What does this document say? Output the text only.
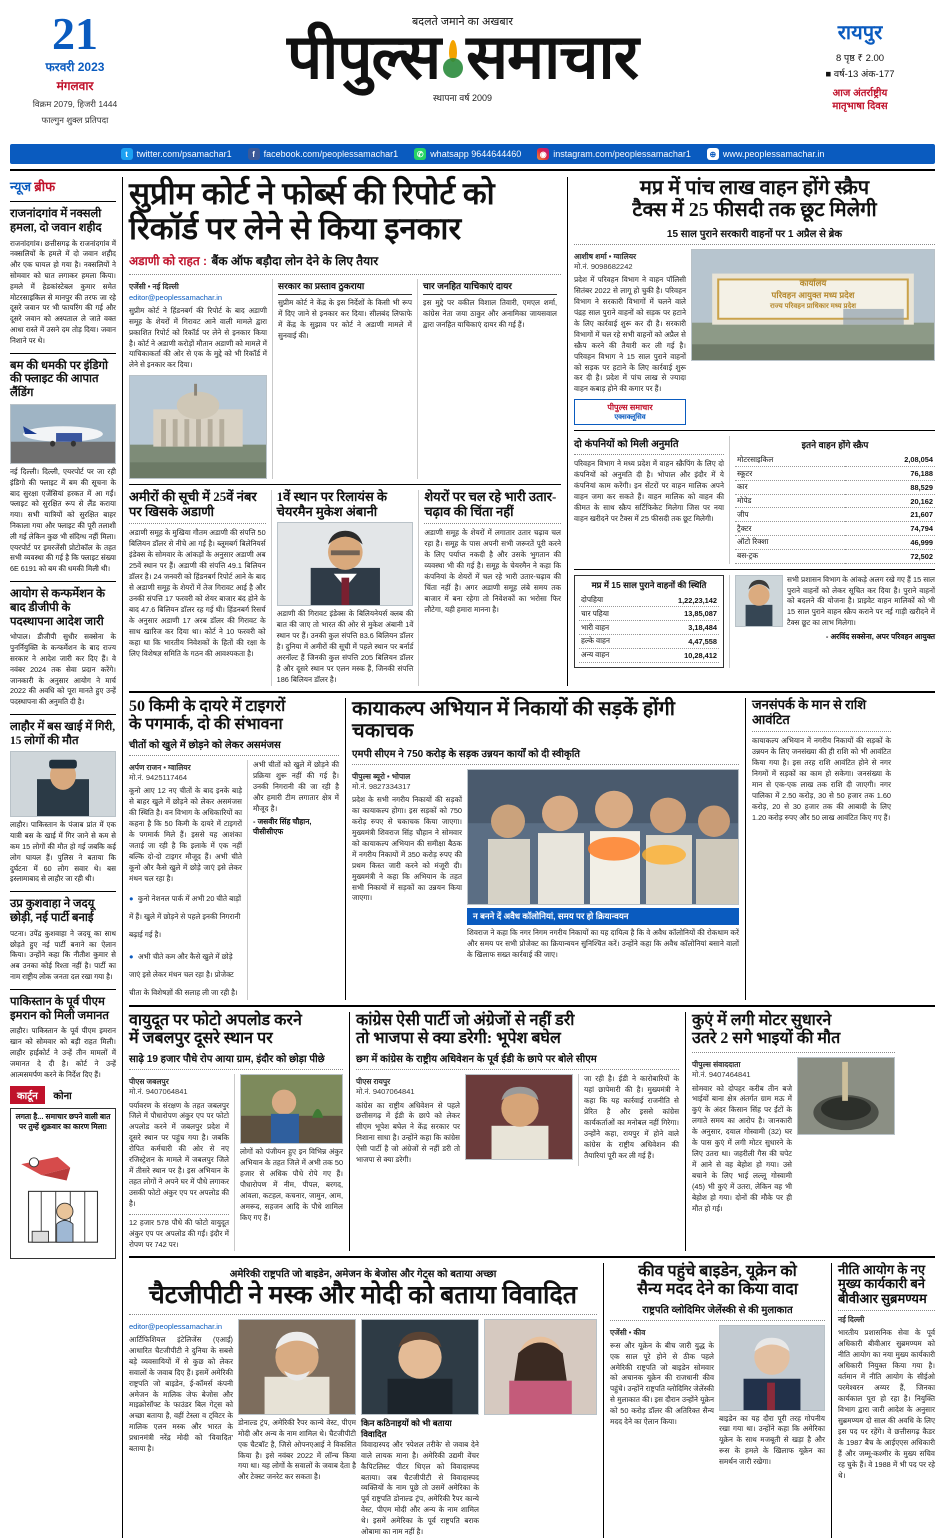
21
फरवरी 2023
मंगलवार
विक्रम 2079, हिजरी 1444
फाल्गुन शुक्ल प्रतिपदा
बदलते जमाने का अखबार
पीपुल्स समाचार
स्थापना वर्ष 2009
रायपुर
8 पृष्ठ ₹ 2.00
■ वर्ष-13 अंक-177
आज अंतर्राष्ट्रीय
मातृभाषा दिवस
t twitter.com/psamachar1	f facebook.com/peoplessamachar1	✆ whatsapp 9644644460	◉ instagram.com/peoplessamachar1	⊕ www.peoplessamachar.in
न्यूज ब्रीफ
राजनांदगांव में नक्सली हमला, दो जवान शहीद
राजनांदगांव। छत्तीसगढ़ के राजनांदगांव में नक्सलियों के हमले में दो जवान शहीद और एक घायल हो गया है। नक्सलियों ने सोमवार को घात लगाकर हमला किया। हमले में हेडकांस्टेबल कुमार समेत मोटरसाइकिल से मानपुर की तरफ जा रहे दूसरे जवान पर भी फायरिंग की गई और दूसरे जवान को अस्पताल ले जाते वक्त आधा रास्ते में उसने दम तोड़ दिया। जवान निशाने पर थे।
बम की धमकी पर इंडिगो की फ्लाइट की आपात लैंडिंग
नई दिल्ली। दिल्ली, एयरपोर्ट पर जा रही इंडिगो की फ्लाइट में बम की सूचना के बाद सुरक्षा एजेंसियां हरकत में आ गईं। फ्लाइट को सुरक्षित रूप से लैंड कराया गया। सभी यात्रियों को सुरक्षित बाहर निकाला गया और फ्लाइट की पूरी तलाशी ली गई लेकिन कुछ भी संदिग्ध नहीं मिला। एयरपोर्ट पर इमरजेंसी प्रोटोकॉल के तहत सभी व्यवस्था की गई है कि फ्लाइट संख्या 6E 6191 को बम की धमकी मिली थी।
आयोग से कन्फर्मेशन के बाद डीजीपी के पदस्थापना आदेश जारी
भोपाल। डीजीपी सुधीर सक्सेना के पुनर्नियुक्ति के कन्फर्मेशन के बाद राज्य सरकार ने आदेश जारी कर दिए हैं। वे नवंबर 2024 तक सेवा प्रदान करेंगे। जानकारी के अनुसार आयोग ने मार्च 2022 की अवधि को पूरा मानते हुए उन्हें पदस्थापना की अनुमति दी है।
लाहौर में बस खाई में गिरी, 15 लोगों की मौत
लाहौर। पाकिस्तान के पंजाब प्रांत में एक यात्री बस के खाई में गिर जाने से कम से कम 15 लोगों की मौत हो गई जबकि कई लोग घायल हैं। पुलिस ने बताया कि दुर्घटना में 60 लोग सवार थे। बस इस्लामाबाद से लाहौर जा रही थी।
उप्र कुशवाहा ने जदयू छोड़ी, नई पार्टी बनाई
पटना। उपेंद्र कुशवाहा ने जदयू का साथ छोड़ते हुए नई पार्टी बनाने का ऐलान किया। उन्होंने कहा कि नीतीश कुमार से अब उनका कोई रिश्ता नहीं है। पार्टी का नाम राष्ट्रीय लोक जनता दल रखा गया है।
पाकिस्तान के पूर्व पीएम इमरान को मिली जमानत
लाहौर। पाकिस्तान के पूर्व पीएम इमरान खान को सोमवार को बड़ी राहत मिली। लाहौर हाईकोर्ट ने उन्हें तीन मामलों में जमानत दे दी है। कोर्ट ने उन्हें आत्मसमर्पण करने के निर्देश दिए हैं।
कार्टून कोना
लगता है... समाचार छपने वाली बात पर तुम्हें शुक्रवार का कारण मिला!
सुप्रीम कोर्ट ने फोर्ब्स की रिपोर्ट को
रिकॉर्ड पर लेने से किया इनकार
अडाणी को राहत : बैंक ऑफ बड़ौदा लोन देने के लिए तैयार
एजेंसी • नई दिल्ली
editor@peoplessamachar.in
सुप्रीम कोर्ट ने हिंडनबर्ग की रिपोर्ट के बाद अडाणी समूह के शेयरों में गिरावट आने वाली मामले द्वारा प्रकाशित रिपोर्ट को रिकॉर्ड पर लेने से इनकार किया है। कोर्ट ने अडाणी करोड़ों मौतान अडाणी को मामले में याचिकाकर्ता की ओर से एक के मुद्दे को भी रिकॉर्ड में लेने से इनकार कर दिया।
सरकार का प्रस्ताव ठुकराया
सुप्रीम कोर्ट ने केंद्र के इस निर्देशों के किसी भी रूप में दिए जाने से इनकार कर दिया। सीलबंद लिफाफे में केंद्र के सुझाव पर कोर्ट ने अडाणी मामले में सुनवाई की।
चार जनहित याचिकाएं दायर
इस मुद्दे पर वकील विशाल तिवारी, एमएल शर्मा, कांग्रेस नेता जया ठाकुर और अनामिका जायसवाल द्वारा जनहित याचिकाएं दायर की गई हैं।
अमीरों की सूची में 25वें नंबर पर खिसके अडाणी
अडाणी समूह के मुखिया गौतम अडाणी की संपत्ति 50 बिलियन डॉलर से नीचे आ गई है। ब्लूमबर्ग बिलेनियर्स इंडेक्स के सोमवार के आंकड़ों के अनुसार अडाणी अब 25वें स्थान पर हैं। अडाणी की संपत्ति 49.1 बिलियन डॉलर है। 24 जनवरी को हिंडनबर्ग रिपोर्ट आने के बाद से अडाणी समूह के शेयरों में तेज गिरावट आई है और उनकी संपत्ति 17 फरवरी को शेयर बाजार बंद होने के बाद 47.6 बिलियन डॉलर रह गई थी। हिंडनबर्ग रिसर्च के अनुसार अडाणी 17 अरब डॉलर की गिरावट के साथ खारिज कर दिया था। कोर्ट ने 10 फरवरी को कहा था कि भारतीय निवेशकों के हितों की रक्षा के लिए विशेषज्ञ समिति के गठन की आवश्यकता है।
1वें स्थान पर रिलायंस के चेयरमैन मुकेश अंबानी
अडाणी की गिरावट इंडेक्स के बिलियनेयर्स क्लब की बात की जाए तो भारत की ओर से मुकेश अंबानी 1वें स्थान पर हैं। उनकी कुल संपत्ति 83.6 बिलियन डॉलर है। दुनिया में अमीरों की सूची में पहले स्थान पर बर्नार्ड अरनॉल्ट हैं जिनकी कुल संपत्ति 205 बिलियन डॉलर है और दूसरे स्थान पर एलन मस्क हैं, जिनकी संपत्ति 186 बिलियन डॉलर है।
शेयरों पर चल रहे भारी उतार-चढ़ाव की चिंता नहीं
अडाणी समूह के शेयरों में लगातार उतार चढ़ाव चल रहा है। समूह के पास अपनी सभी जरूरतें पूरी करने के लिए पर्याप्त नकदी है और उसके भुगतान की व्यवस्था भी की गई है। समूह के चेयरमैन ने कहा कि कंपनियां के शेयरों में चल रहे भारी उतार-चढ़ाव की चिंता नहीं है। अगर अडाणी समूह लंबे समय तक बाजार में बना रहेगा तो निवेशकों का भरोसा फिर लौटेगा, यही हमारा मानना है।
मप्र में पांच लाख वाहन होंगे स्क्रैप
टैक्स में 25 फीसदी तक छूट मिलेगी
15 साल पुराने सरकारी वाहनों पर 1 अप्रैल से ब्रेक
आशीष शर्मा • ग्वालियर
मो.नं. 9098682242
प्रदेश में परिवहन विभाग ने वाहन पॉलिसी सितंबर 2022 से लागू हो चुकी है। परिवहन विभाग ने सरकारी विभागों में चलने वाले पंद्रह साल पुराने वाहनों को सड़क पर हटाने के लिए कार्रवाई शुरू कर दी है। सरकारी विभागों में चल रहे सभी वाहनों को अप्रैल से स्क्रैप करने की तैयारी कर ली गई है। परिवहन विभाग ने 15 साल पुराने वाहनों को सड़क पर हटाने के लिए कार्रवाई शुरू कर दी है। प्रदेश में पांच लाख से ज्यादा वाहन कबाड़ होने की कगार पर हैं।
पीपुल्स समाचार
एक्सक्लूसिव
कार्यालय
परिवहन आयुक्त मध्य प्रदेश
राज्य परिवहन प्राधिकार मध्य प्रदेश
दो कंपनियों को मिली अनुमति
परिवहन विभाग ने मध्य प्रदेश में वाहन स्क्रैपिंग के लिए दो कंपनियों को अनुमति दी है। भोपाल और इंदौर में ये कंपनियां काम करेंगी। इन सेंटरों पर वाहन मालिक अपने वाहन जमा कर सकते हैं। वाहन मालिक को वाहन की कीमत के साथ स्क्रैप सर्टिफिकेट मिलेगा जिस पर नया वाहन खरीदने पर टैक्स में 25 फीसदी तक छूट मिलेगी।
इतने वाहन होंगे स्क्रैप
मोटरसाइकिल	2,08,054
स्कूटर	76,188
कार	88,529
मोपेड	20,162
जीप	21,607
ट्रैक्टर	74,794
ऑटो रिक्शा	46,999
बस-ट्रक	72,502
मप्र में 15 साल पुराने वाहनों की स्थिति
दोपहिया	1,22,23,142
चार पहिया	13,85,087
भारी वाहन	3,18,484
हल्के वाहन	4,47,558
अन्य वाहन	10,28,412
सभी प्रशासन विभाग के आंकड़े अलग रखे गए हैं 15 साल पुराने वाहनों को लेकर सूचित कर दिया है। पुराने वाहनों को बदलने की योजना है। प्राइवेट वाहन मालिकों को भी 15 साल पुराने वाहन स्क्रैप कराने पर नई गाड़ी खरीदने में टैक्स छूट का लाभ मिलेगा।
- अरविंद सक्सेना, अपर परिवहन आयुक्त
50 किमी के दायरे में टाइगरों
के पगमार्क, दो की संभावना
चीतों को खुले में छोड़ने को लेकर असमंजस
अर्पण राजन • ग्वालियर
मो.नं. 9425117464
कूनो आए 12 नए चीतों के बाद इनके बाड़े से बाहर खुले में छोड़ने को लेकर असमंजस की स्थिति है। वन विभाग के अधिकारियों का कहना है कि 50 किमी के दायरे में टाइगरों के पगमार्क मिले हैं। इससे यह आशंका जताई जा रही है कि इलाके में एक नहीं बल्कि दो-दो टाइगर मौजूद हैं। अभी चीते कूनो और कैसे खुले में छोड़े जाएं इसे लेकर मंथन चल रहा है।
● कुनो नेशनल पार्क में अभी 20 चीते बाड़ों में हैं। खुले में छोड़ने से पहले इनकी निगरानी बढ़ाई गई है।
● अभी चीते कम और कैसे खुले में छोड़े जाएं इसे लेकर मंथन चल रहा है। प्रोजेक्ट चीता के विशेषज्ञों की सलाह ली जा रही है।
अभी चीतों को खुले में छोड़ने की प्रक्रिया शुरू नहीं की गई है। उनकी निगरानी की जा रही है और हमारी टीम लगातार क्षेत्र में मौजूद है।
- जसवीर सिंह चौहान, पीसीसीएफ
कायाकल्प अभियान में निकायों की सड़कें होंगी चकाचक
एमपी सीएम ने 750 करोड़ के सड़क उन्नयन कार्यों को दी स्वीकृति
पीपुल्स ब्यूरो • भोपाल
मो.नं. 9827334317
प्रदेश के सभी नगरीय निकायों की सड़कों का कायाकल्प होगा। इस सड़कों को 750 करोड़ रुपए से चकाचक किया जाएगा। मुख्यमंत्री शिवराज सिंह चौहान ने सोमवार को कायाकल्प अभियान की समीक्षा बैठक में नगरीय निकायों में 350 करोड़ रुपए की प्रथम किस्त जारी करने को मंजूरी दी। मुख्यमंत्री ने कहा कि अभियान के तहत सभी निकायों में सड़कों का उन्नयन किया जाएगा।
न बनने दें अवैध कॉलोनियां, समय पर हो क्रियान्वयन
शिवराज ने कहा कि नगर निगम नगरीय निकायों का यह दायित्व है कि वे अवैध कॉलोनियों की रोकथाम करें और समय पर सभी प्रोजेक्ट का क्रियान्वयन सुनिश्चित करें। उन्होंने कहा कि अवैध कॉलोनियां बसाने वालों के खिलाफ सख्त कार्रवाई की जाए।
जनसंपर्क के मान से राशि आवंटित
कायाकल्प अभियान में नगरीय निकायों की सड़कों के उन्नयन के लिए जनसंख्या की ही राशि को भी आवंटित किया गया है। इस तरह राशि आवंटित होने से नगर निगमों में सड़कों का काम हो सकेगा। जनसंख्या के मान से एक-एक लाख तक राशि दी जाएगी। नगर पालिका में 2.50 करोड़, 30 से 50 हजार तक 1.60 करोड़, 20 से 30 हजार तक की आबादी के लिए 1.20 करोड़ रुपए और 50 लाख आवंटित किए गए हैं।
वायुदूत पर फोटो अपलोड करने
में जबलपुर दूसरे स्थान पर
साढ़े 19 हजार पौधे रोप आया ग्राम, इंदौर को छोड़ा पीछे
पीएस जबलपुर
मो.नं. 9407064841
पर्यावरण के संरक्षण के तहत जबलपुर जिले में पौधारोपण अंकुर एप पर फोटो अपलोड करने में जबलपुर प्रदेश में दूसरे स्थान पर पहुंच गया है। जबकि रोपित कर्मचारी की ओर से नए रजिस्ट्रेशन के मामले में जबलपुर जिले में तीसरे स्थान पर है। इस अभियान के तहत लोगों ने अपने घर में पौधे लगाकर उसकी फोटो अंकुर एप पर अपलोड की है।
12 हजार 578 पौधे की फोटो वायुदूत अंकुर एप पर अपलोड की गईं। इंदौर में रोपण पर 742 पर।
लोगों को पंजीयन हुए इन विभिन्न अंकुर अभियान के तहत जिले में अभी तक 50 हजार से अधिक पौधे रोपे गए हैं। पौधारोपण में नीम, पीपल, बरगद, आंवला, कटहल, कचनार, जामुन, आम, अमरूद, सहजन आदि के पौधे शामिल किए गए हैं।
कांग्रेस ऐसी पार्टी जो अंग्रेजों से नहीं डरी
तो भाजपा से क्या डरेगी: भूपेश बघेल
छग में कांग्रेस के राष्ट्रीय अधिवेशन के पूर्व ईडी के छापे पर बोले सीएम
पीएस रायपुर
मो.नं. 9407064841
कांग्रेस का राष्ट्रीय अधिवेशन से पहले छत्तीसगढ़ में ईडी के छापे को लेकर सीएम भूपेश बघेल ने केंद्र सरकार पर निशाना साधा है। उन्होंने कहा कि कांग्रेस ऐसी पार्टी है जो अंग्रेजों से नहीं डरी तो भाजपा से क्या डरेगी।
जा रही है। ईडी ने कारोबारियों के यहां छापेमारी की है। मुख्यमंत्री ने कहा कि यह कार्रवाई राजनीति से प्रेरित है और इससे कांग्रेस कार्यकर्ताओं का मनोबल नहीं गिरेगा। उन्होंने कहा, रायपुर में होने वाले कांग्रेस के राष्ट्रीय अधिवेशन की तैयारियां पूरी कर ली गई हैं।
कुएं में लगी मोटर सुधारने
उतरे 2 सगे भाइयों की मौत
पीपुल्स संवाददाता
मो.नं. 9407464841
सोमवार को दोपहर करीब तीन बजे भाईयों बाना क्षेत्र अंतर्गत ग्राम मऊ में कुएं के अंदर किसान सिंह पर ईंटों के लगाते समय का आरोप है। जानकारी के अनुसार, दयाल गोस्वामी (32) घर के पास कुएं में लगी मोटर सुधारने के लिए उतरा था। जहरीली गैस की चपेट में आने से वह बेहोश हो गया। उसे बचाने के लिए भाई लल्लू गोस्वामी (45) भी कुएं में उतरा, लेकिन वह भी बेहोश हो गया। दोनों की मौके पर ही मौत हो गई।
अमेरिकी राष्ट्रपति जो बाइडेन, अमेजन के बेजोस और गेट्स को बताया अच्छा
चैटजीपीटी ने मस्क और मोदी को बताया विवादित
editor@peoplessamachar.in
आर्टिफिशियल इंटेलिजेंस (एआई) आधारित चैटजीपीटी ने दुनिया के सबसे बड़े व्यवसायियों में से कुछ को लेकर सवालों के जवाब दिए हैं। इसमें अमेरिकी राष्ट्रपति जो बाइडेन, ई-कॉमर्स कंपनी अमेजन के मालिक जेफ बेजोस और माइक्रोसॉफ्ट के फाउंडर बिल गेट्स को अच्छा बताया है, वहीं टेस्ला व ट्विटर के मालिक एलन मस्क और भारत के प्रधानमंत्री नरेंद्र मोदी को 'विवादित' बताया है।
डोनाल्ड ट्रंप, अमेरिकी रैपर कान्ये वेस्ट, पीएम मोदी और अन्य के नाम शामिल थे। चैटजीपीटी एक चैटबॉट है, जिसे ओपनएआई ने विकसित किया है। इसे नवंबर 2022 में लॉन्च किया गया था। यह लोगों के सवालों के जवाब देता है और टेक्स्ट जनरेट कर सकता है।
किन कठिनाइयों को भी बताया विवादित
विवादास्पद और 'स्पेशल तरीके' से जवाब देने वाले लायक माना है। अमेरिकी उद्यमी वेंचर कैपिटलिस्ट पीटर थिएल को विवादास्पद बताया। जब चैटजीपीटी से विवादास्पद व्यक्तियों के नाम पूछे तो उसमें अमेरिका के पूर्व राष्ट्रपति डोनाल्ड ट्रंप, अमेरिकी रैपर कान्ये वेस्ट, पीएम मोदी और अन्य के नाम शामिल थे। इसमें अमेरिका के पूर्व राष्ट्रपति बराक ओबामा का नाम नहीं है।
कीव पहुंचे बाइडेन, यूक्रेन को
सैन्य मदद देने का किया वादा
राष्ट्रपति व्लोदिमिर जेलेंस्की से की मुलाकात
एजेंसी • कीव
रूस और यूक्रेन के बीच जारी युद्ध के एक साल पूरे होने से ठीक पहले अमेरिकी राष्ट्रपति जो बाइडेन सोमवार को अचानक यूक्रेन की राजधानी कीव पहुंचे। उन्होंने राष्ट्रपति व्लोदिमिर जेलेंस्की से मुलाकात की। इस दौरान उन्होंने यूक्रेन को 50 करोड़ डॉलर की अतिरिक्त सैन्य मदद देने का ऐलान किया।	बाइडेन का यह दौरा पूरी तरह गोपनीय रखा गया था। उन्होंने कहा कि अमेरिका यूक्रेन के साथ मजबूती से खड़ा है और रूस के हमले के खिलाफ यूक्रेन का समर्थन जारी रखेगा।
नीति आयोग के नए
मुख्य कार्यकारी बने
बीवीआर सुब्रमण्यम
नई दिल्ली
भारतीय प्रशासनिक सेवा के पूर्व अधिकारी बीवीआर सुब्रमण्यम को नीति आयोग का नया मुख्य कार्यकारी अधिकारी नियुक्त किया गया है। वर्तमान में नीति आयोग के सीईओ परमेश्वरन अय्यर हैं, जिनका कार्यकाल पूरा हो रहा है। नियुक्ति विभाग द्वारा जारी आदेश के अनुसार सुब्रमण्यम दो साल की अवधि के लिए इस पद पर रहेंगे। वे छत्तीसगढ़ कैडर के 1987 बैच के आईएएस अधिकारी हैं और जम्मू-कश्मीर के मुख्य सचिव रह चुके हैं। वे 1988 में भी पद पर रहे थे।
